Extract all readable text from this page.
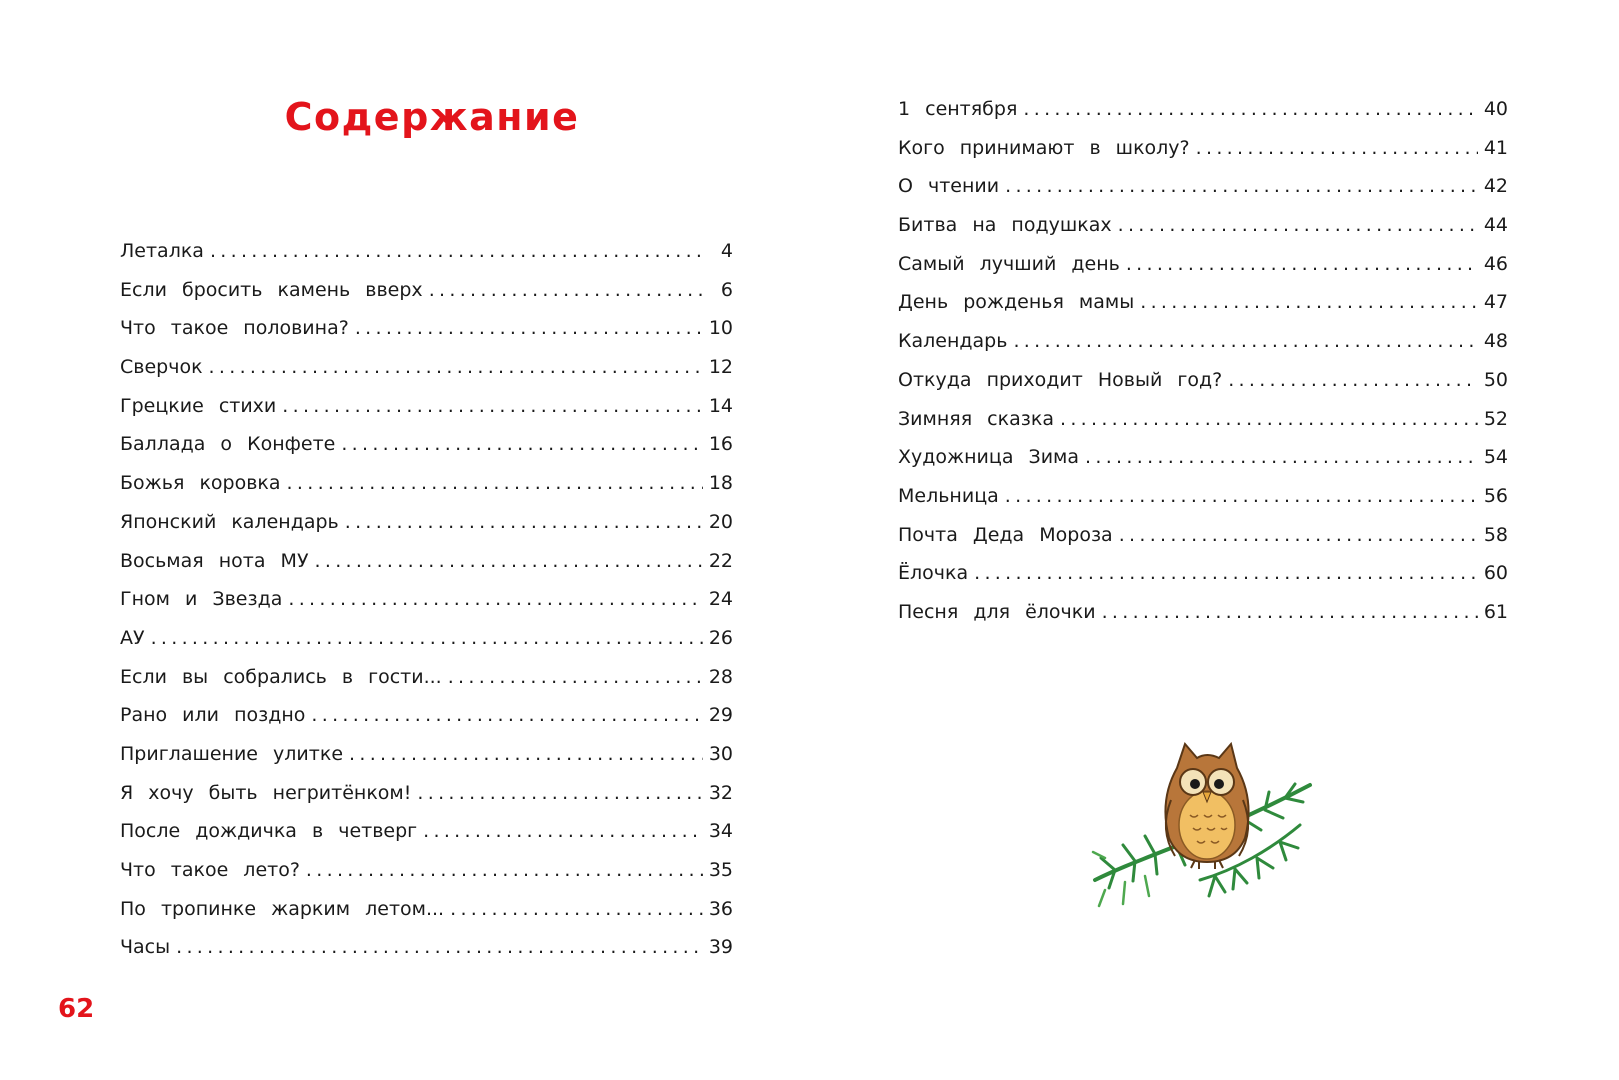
Содержание
Леталка .....	4
Если бросить камень вверх .....	6
Что такое половина? .....	10
Сверчок .....	12
Грецкие стихи .....	14
Баллада о Конфете .....	16
Божья коровка .....	18
Японский календарь .....	20
Восьмая нота МУ .....	22
Гном и Звезда .....	24
АУ .....	26
Если вы собрались в гости... .....	28
Рано или поздно .....	29
Приглашение улитке .....	30
Я хочу быть негритёнком! .....	32
После дождичка в четверг .....	34
Что такое лето? .....	35
По тропинке жарким летом... .....	36
Часы .....	39
1 сентября .....	40
Кого принимают в школу? .....	41
О чтении .....	42
Битва на подушках .....	44
Самый лучший день .....	46
День рожденья мамы .....	47
Календарь .....	48
Откуда приходит Новый год? .....	50
Зимняя сказка .....	52
Художница Зима .....	54
Мельница .....	56
Почта Деда Мороза .....	58
Ёлочка .....	60
Песня для ёлочки .....	61

62
